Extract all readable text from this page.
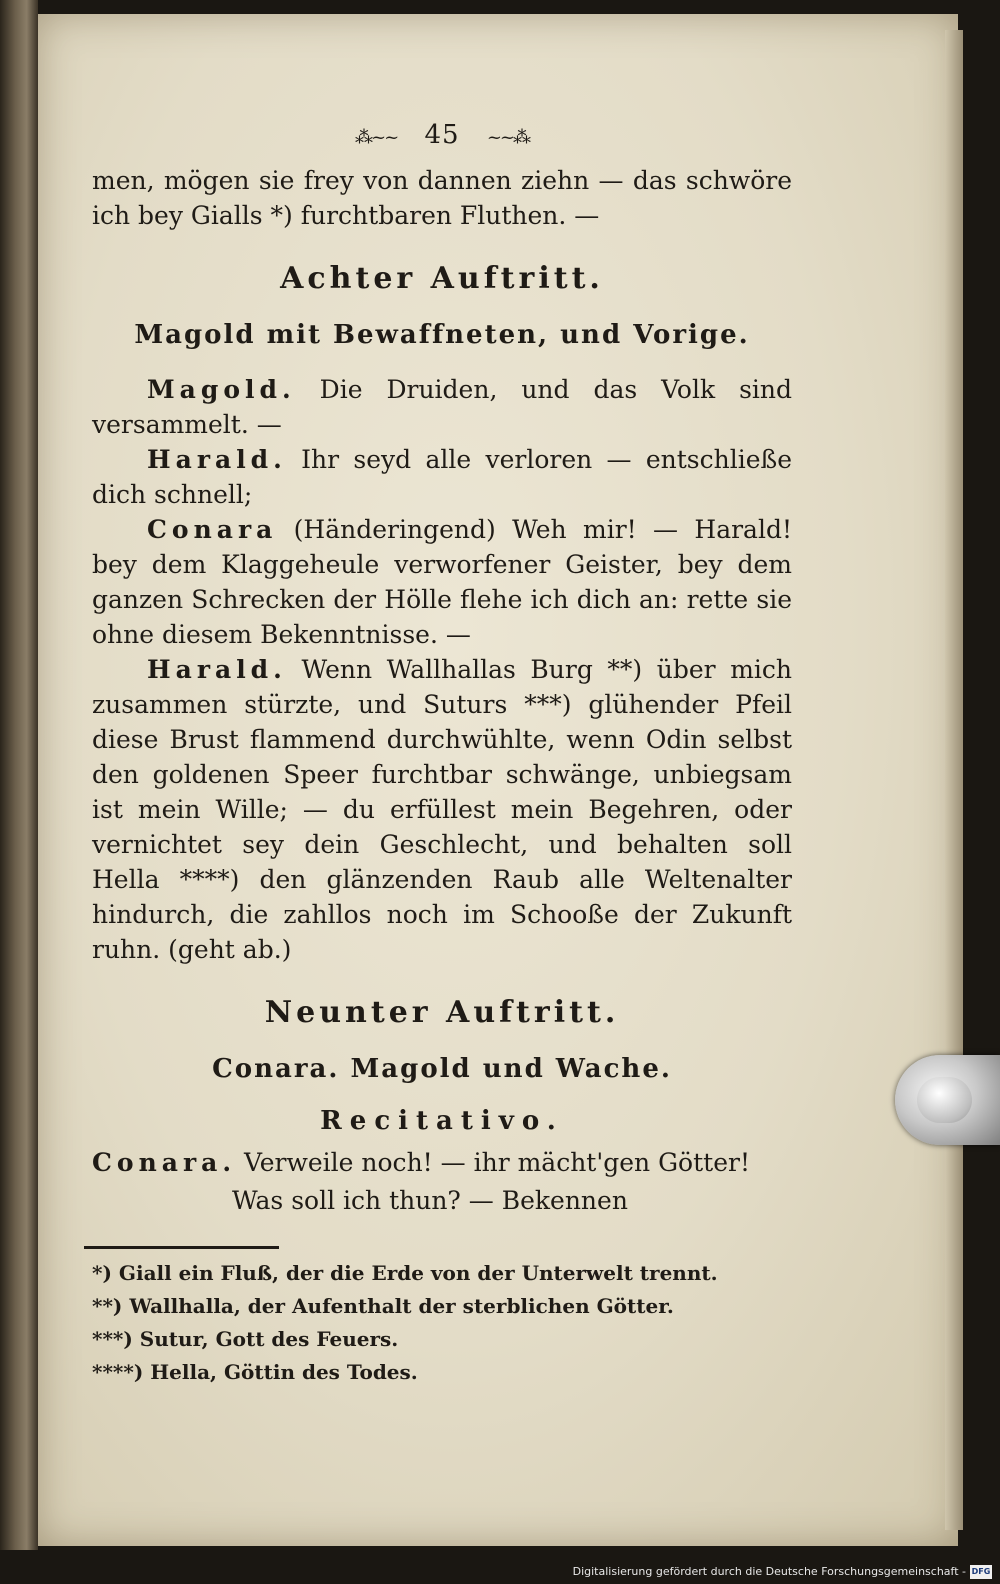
⁂~~ 45 ~~⁂

men, mögen sie frey von dannen ziehn — das schwöre ich bey Gialls *) furchtbaren Fluthen. —

Achter Auftritt.
Magold mit Bewaffneten, und Vorige.

Magold. Die Druiden, und das Volk sind versammelt. —

Harald. Ihr seyd alle verloren — entschließe dich schnell;

Conara (Händeringend) Weh mir! — Harald! bey dem Klaggeheule verworfener Geister, bey dem ganzen Schrecken der Hölle flehe ich dich an: rette sie ohne diesem Bekenntnisse. —

Harald. Wenn Wallhallas Burg **) über mich zusammen stürzte, und Suturs ***) glühender Pfeil diese Brust flammend durchwühlte, wenn Odin selbst den goldenen Speer furchtbar schwänge, unbiegsam ist mein Wille; — du erfüllest mein Begehren, oder vernichtet sey dein Geschlecht, und behalten soll Hella ****) den glänzenden Raub alle Weltenalter hindurch, die zahllos noch im Schooße der Zukunft ruhn. (geht ab.)

Neunter Auftritt.
Conara. Magold und Wache.
Recitativo.

Conara. Verweile noch! — ihr mächt'gen Götter!

Was soll ich thun? — Bekennen

*) Giall ein Fluß, der die Erde von der Unterwelt trennt.

**) Wallhalla, der Aufenthalt der sterblichen Götter.

***) Sutur, Gott des Feuers.

****) Hella, Göttin des Todes.

Digitalisierung gefördert durch die Deutsche Forschungsgemeinschaft - DFG
